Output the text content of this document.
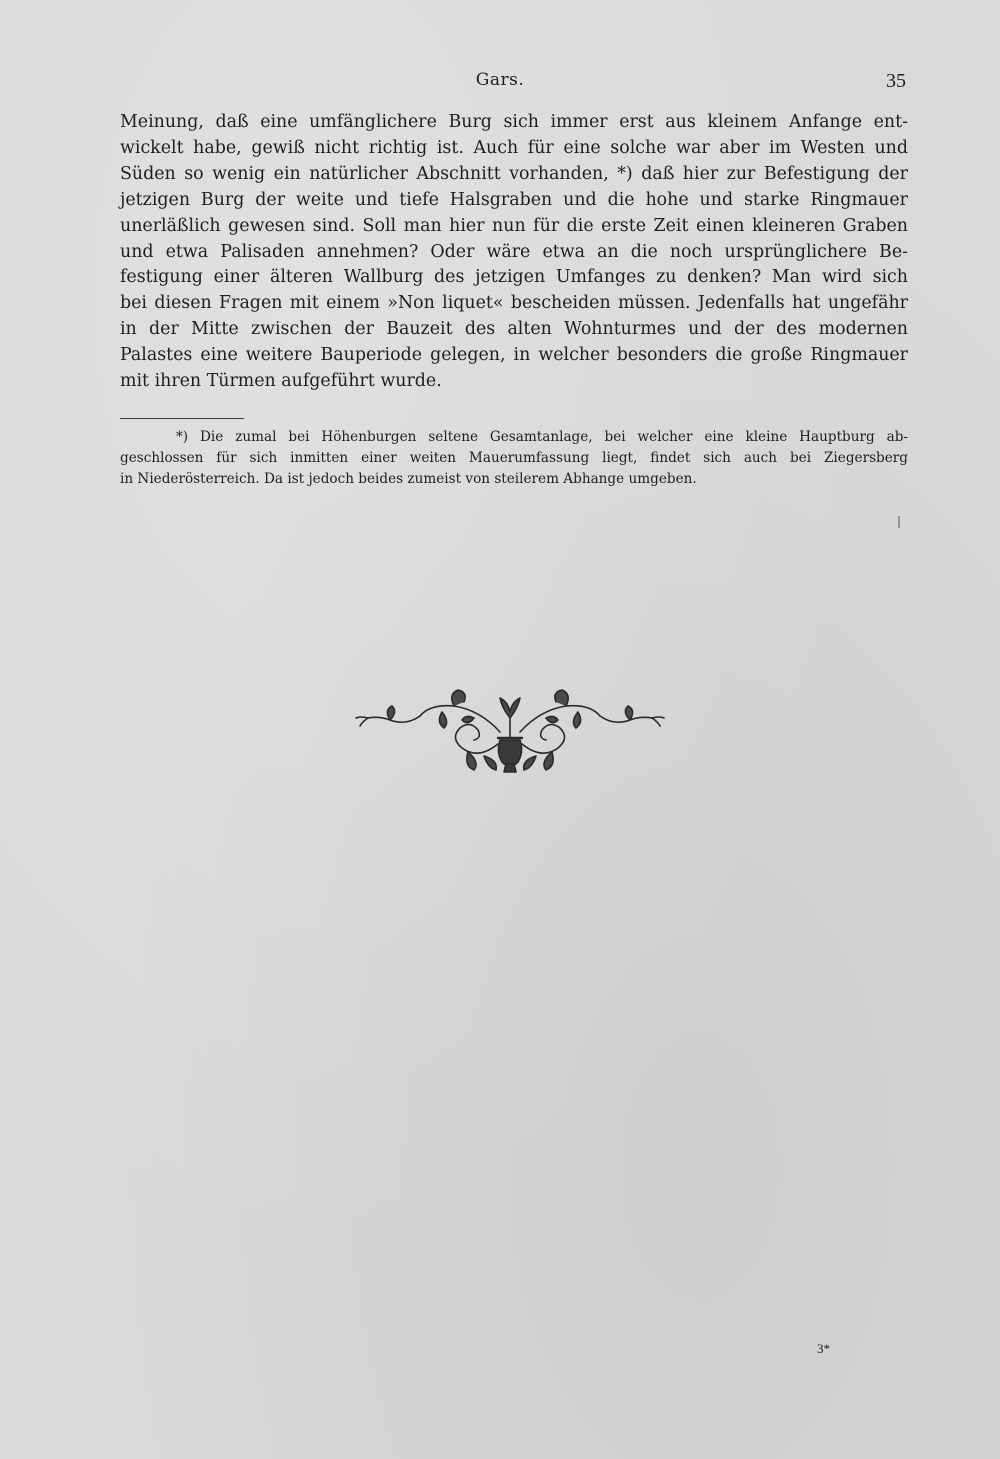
Gars.	35
Meinung, daß eine umfänglichere Burg sich immer erst aus kleinem Anfange ent-
wickelt habe, gewiß nicht richtig ist. Auch für eine solche war aber im Westen und
Süden so wenig ein natürlicher Abschnitt vorhanden, *) daß hier zur Befestigung der
jetzigen Burg der weite und tiefe Halsgraben und die hohe und starke Ringmauer
unerläßlich gewesen sind. Soll man hier nun für die erste Zeit einen kleineren Graben
und etwa Palisaden annehmen? Oder wäre etwa an die noch ursprünglichere Be-
festigung einer älteren Wallburg des jetzigen Umfanges zu denken? Man wird sich
bei diesen Fragen mit einem »Non liquet« bescheiden müssen. Jedenfalls hat ungefähr
in der Mitte zwischen der Bauzeit des alten Wohnturmes und der des modernen
Palastes eine weitere Bauperiode gelegen, in welcher besonders die große Ringmauer
mit ihren Türmen aufgeführt wurde.
*) Die zumal bei Höhenburgen seltene Gesamtanlage, bei welcher eine kleine Hauptburg ab-
geschlossen für sich inmitten einer weiten Mauerumfassung liegt, findet sich auch bei Ziegersberg
in Niederösterreich. Da ist jedoch beides zumeist von steilerem Abhange umgeben.
3*
